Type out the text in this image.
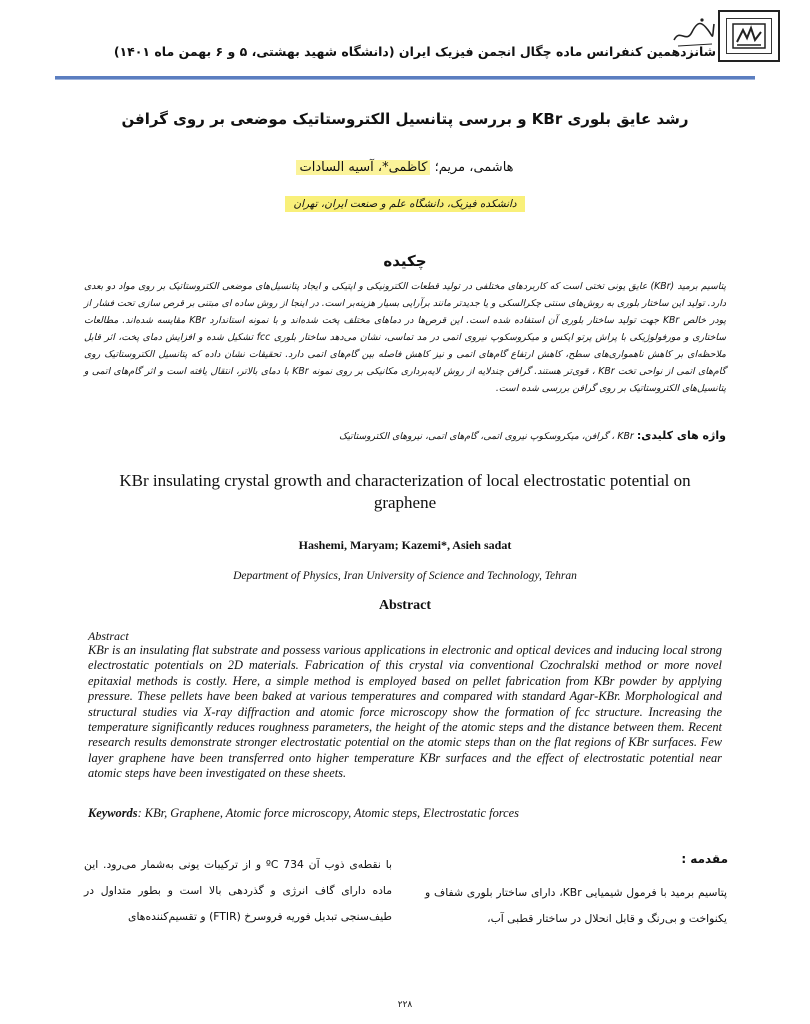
شانزدهمین کنفرانس ماده چگال انجمن فیزیک ایران (دانشگاه شهید بهشتی، ۵ و ۶ بهمن ماه ۱۴۰۱)
رشد عایق بلوری KBr و بررسی پتانسیل الکتروستاتیک موضعی بر روی گرافن
هاشمی، مریم؛ کاظمی*، آسیه السادات
دانشکده فیزیک، دانشگاه علم و صنعت ایران، تهران
چکیده
پتاسیم برمید (KBr) عایق یونی تختی است که کاربردهای مختلفی در تولید قطعات الکترونیکی و اپتیکی و ایجاد پتانسیل‌های موضعی الکتروستاتیک بر روی مواد دو بعدی دارد. تولید این ساختار بلوری به روش‌های سنتی چکرالسکی و یا جدیدتر مانند برآرایی بسیار هزینه‌بر است. در اینجا از روش ساده ای مبتنی بر قرص سازی تحت فشار از پودر خالص KBr جهت تولید ساختار بلوری آن استفاده شده است. این قرص‌ها در دماهای مختلف پخت شده‌اند و با نمونه استاندارد KBr مقایسه شده‌اند. مطالعات ساختاری و مورفولوژیکی با پراش پرتو ایکس و میکروسکوپ نیروی اتمی در مد تماسی، نشان می‌دهد ساختار بلوری fcc تشکیل شده و افزایش دمای پخت، اثر قابل ملاحظه‌ای بر کاهش ناهمواری‌های سطح، کاهش ارتفاع گام‌های اتمی و نیز کاهش فاصله بین گام‌های اتمی دارد. تحقیقات نشان داده که پتانسیل الکتروستاتیک روی گام‌های اتمی از نواحی تخت KBr ، قوی‌تر هستند. گرافن چندلایه از روش لایه‌برداری مکانیکی بر روی نمونه KBr با دمای بالاتر، انتقال یافته است و اثر گام‌های اتمی و پتانسیل‌های الکتروستاتیک بر روی گرافن بررسی شده است.
واژه های کلیدی: KBr ، گرافن، میکروسکوپ نیروی اتمی، گام‌های اتمی، نیروهای الکتروستاتیک
KBr insulating crystal growth and characterization of local electrostatic potential on graphene
Hashemi, Maryam; Kazemi*, Asieh sadat
Department of Physics, Iran University of Science and Technology, Tehran
Abstract
Abstract
KBr is an insulating flat substrate and possess various applications in electronic and optical devices and inducing local strong electrostatic potentials on 2D materials. Fabrication of this crystal via conventional Czochralski method or more novel epitaxial methods is costly. Here, a simple method is employed based on pellet fabrication from KBr powder by applying pressure. These pellets have been baked at various temperatures and compared with standard Agar-KBr. Morphological and structural studies via X-ray diffraction and atomic force microscopy show the formation of fcc structure. Increasing the temperature significantly reduces roughness parameters, the height of the atomic steps and the distance between them. Recent research results demonstrate stronger electrostatic potential on the atomic steps than on the flat regions of KBr surfaces. Few layer graphene have been transferred onto higher temperature KBr surfaces and the effect of electrostatic potential near atomic steps have been investigated on these sheets.
Keywords: KBr, Graphene, Atomic force microscopy, Atomic steps, Electrostatic forces
مقدمه :
پتاسیم برمید با فرمول شیمیایی KBr، دارای ساختار بلوری شفاف و یکنواخت و بی‌رنگ و قابل انحلال در ساختار قطبی آب،
با نقطه‌ی ذوب آن 734 ºC و از ترکیبات یونی به‌شمار می‌رود. این ماده دارای گاف انرژی و گذردهی بالا است و بطور متداول در طیف‌سنجی تبدیل فوریه فروسرخ (FTIR) و تقسیم‌کننده‌های
۲۲۸
